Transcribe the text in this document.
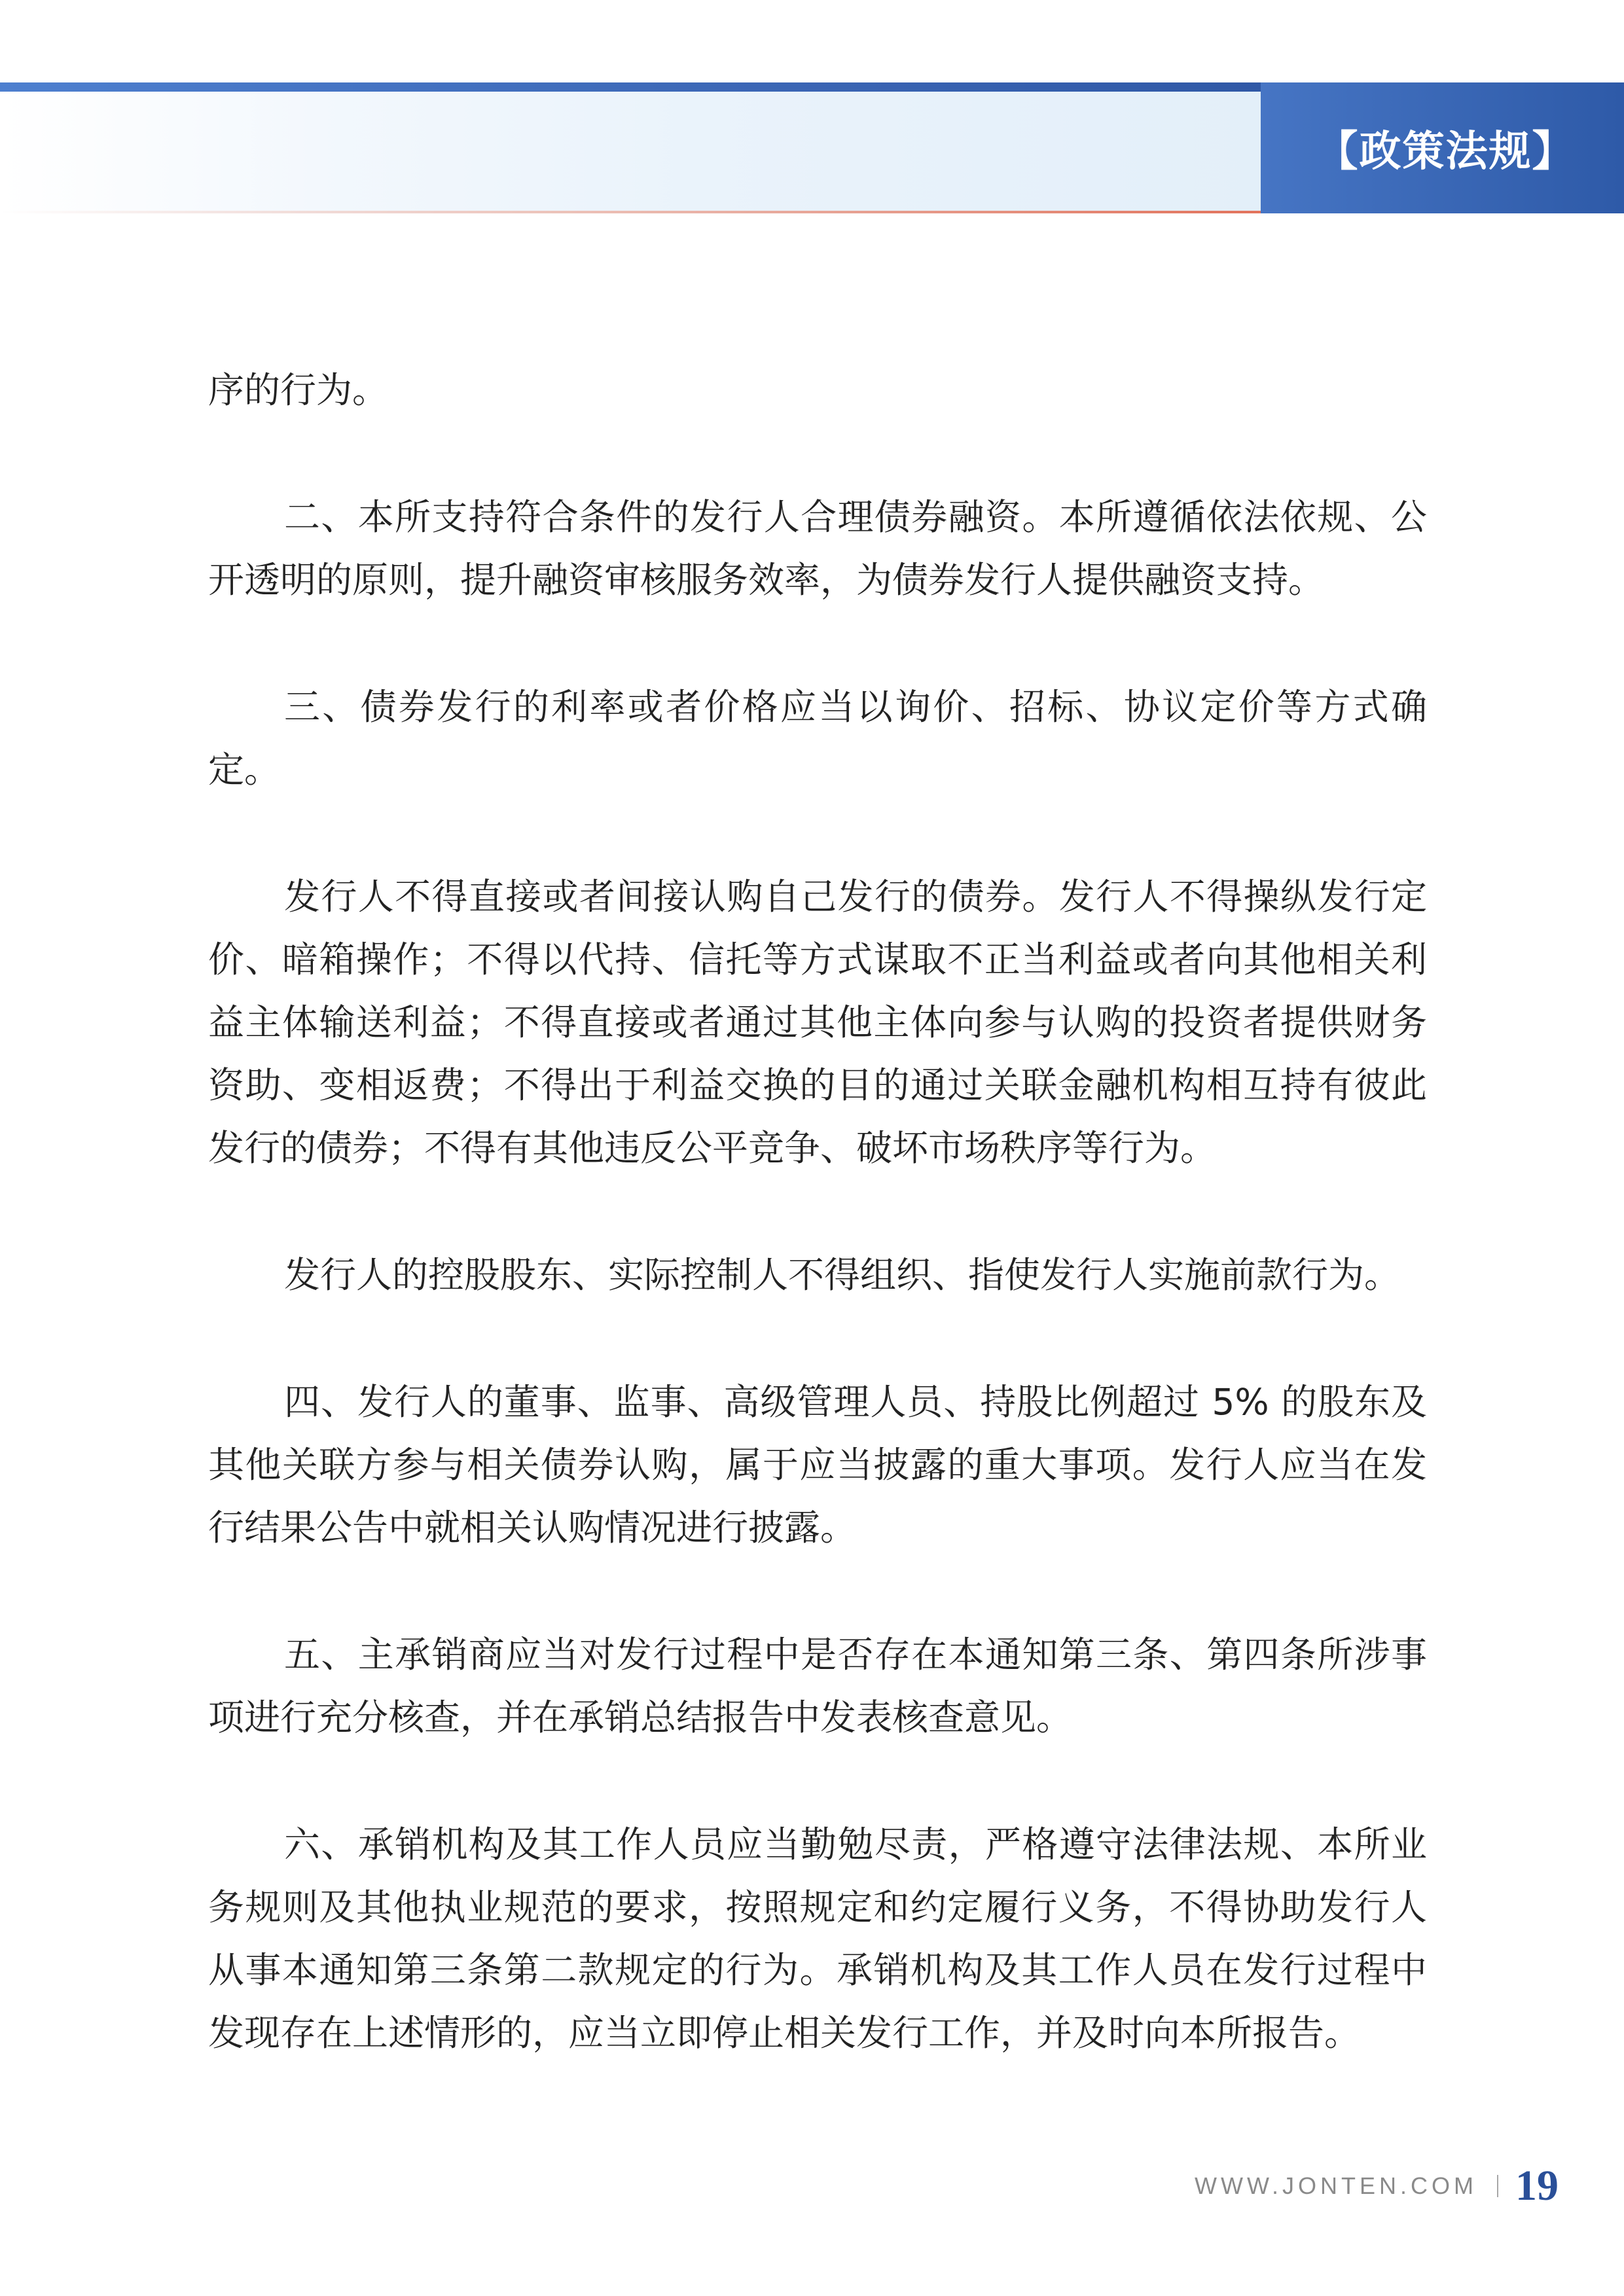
【政策法规】

序的行为。

二、本所支持符合条件的发行人合理债券融资。本所遵循依法依规、公开透明的原则，提升融资审核服务效率，为债券发行人提供融资支持。

三、债券发行的利率或者价格应当以询价、招标、协议定价等方式确定。

发行人不得直接或者间接认购自己发行的债券。发行人不得操纵发行定价、暗箱操作；不得以代持、信托等方式谋取不正当利益或者向其他相关利益主体输送利益；不得直接或者通过其他主体向参与认购的投资者提供财务资助、变相返费；不得出于利益交换的目的通过关联金融机构相互持有彼此发行的债券；不得有其他违反公平竞争、破坏市场秩序等行为。

发行人的控股股东、实际控制人不得组织、指使发行人实施前款行为。

四、发行人的董事、监事、高级管理人员、持股比例超过 5% 的股东及其他关联方参与相关债券认购，属于应当披露的重大事项。发行人应当在发行结果公告中就相关认购情况进行披露。

五、主承销商应当对发行过程中是否存在本通知第三条、第四条所涉事项进行充分核查，并在承销总结报告中发表核查意见。

六、承销机构及其工作人员应当勤勉尽责，严格遵守法律法规、本所业务规则及其他执业规范的要求，按照规定和约定履行义务，不得协助发行人从事本通知第三条第二款规定的行为。承销机构及其工作人员在发行过程中发现存在上述情形的，应当立即停止相关发行工作，并及时向本所报告。

WWW.JONTEN.COM 19
